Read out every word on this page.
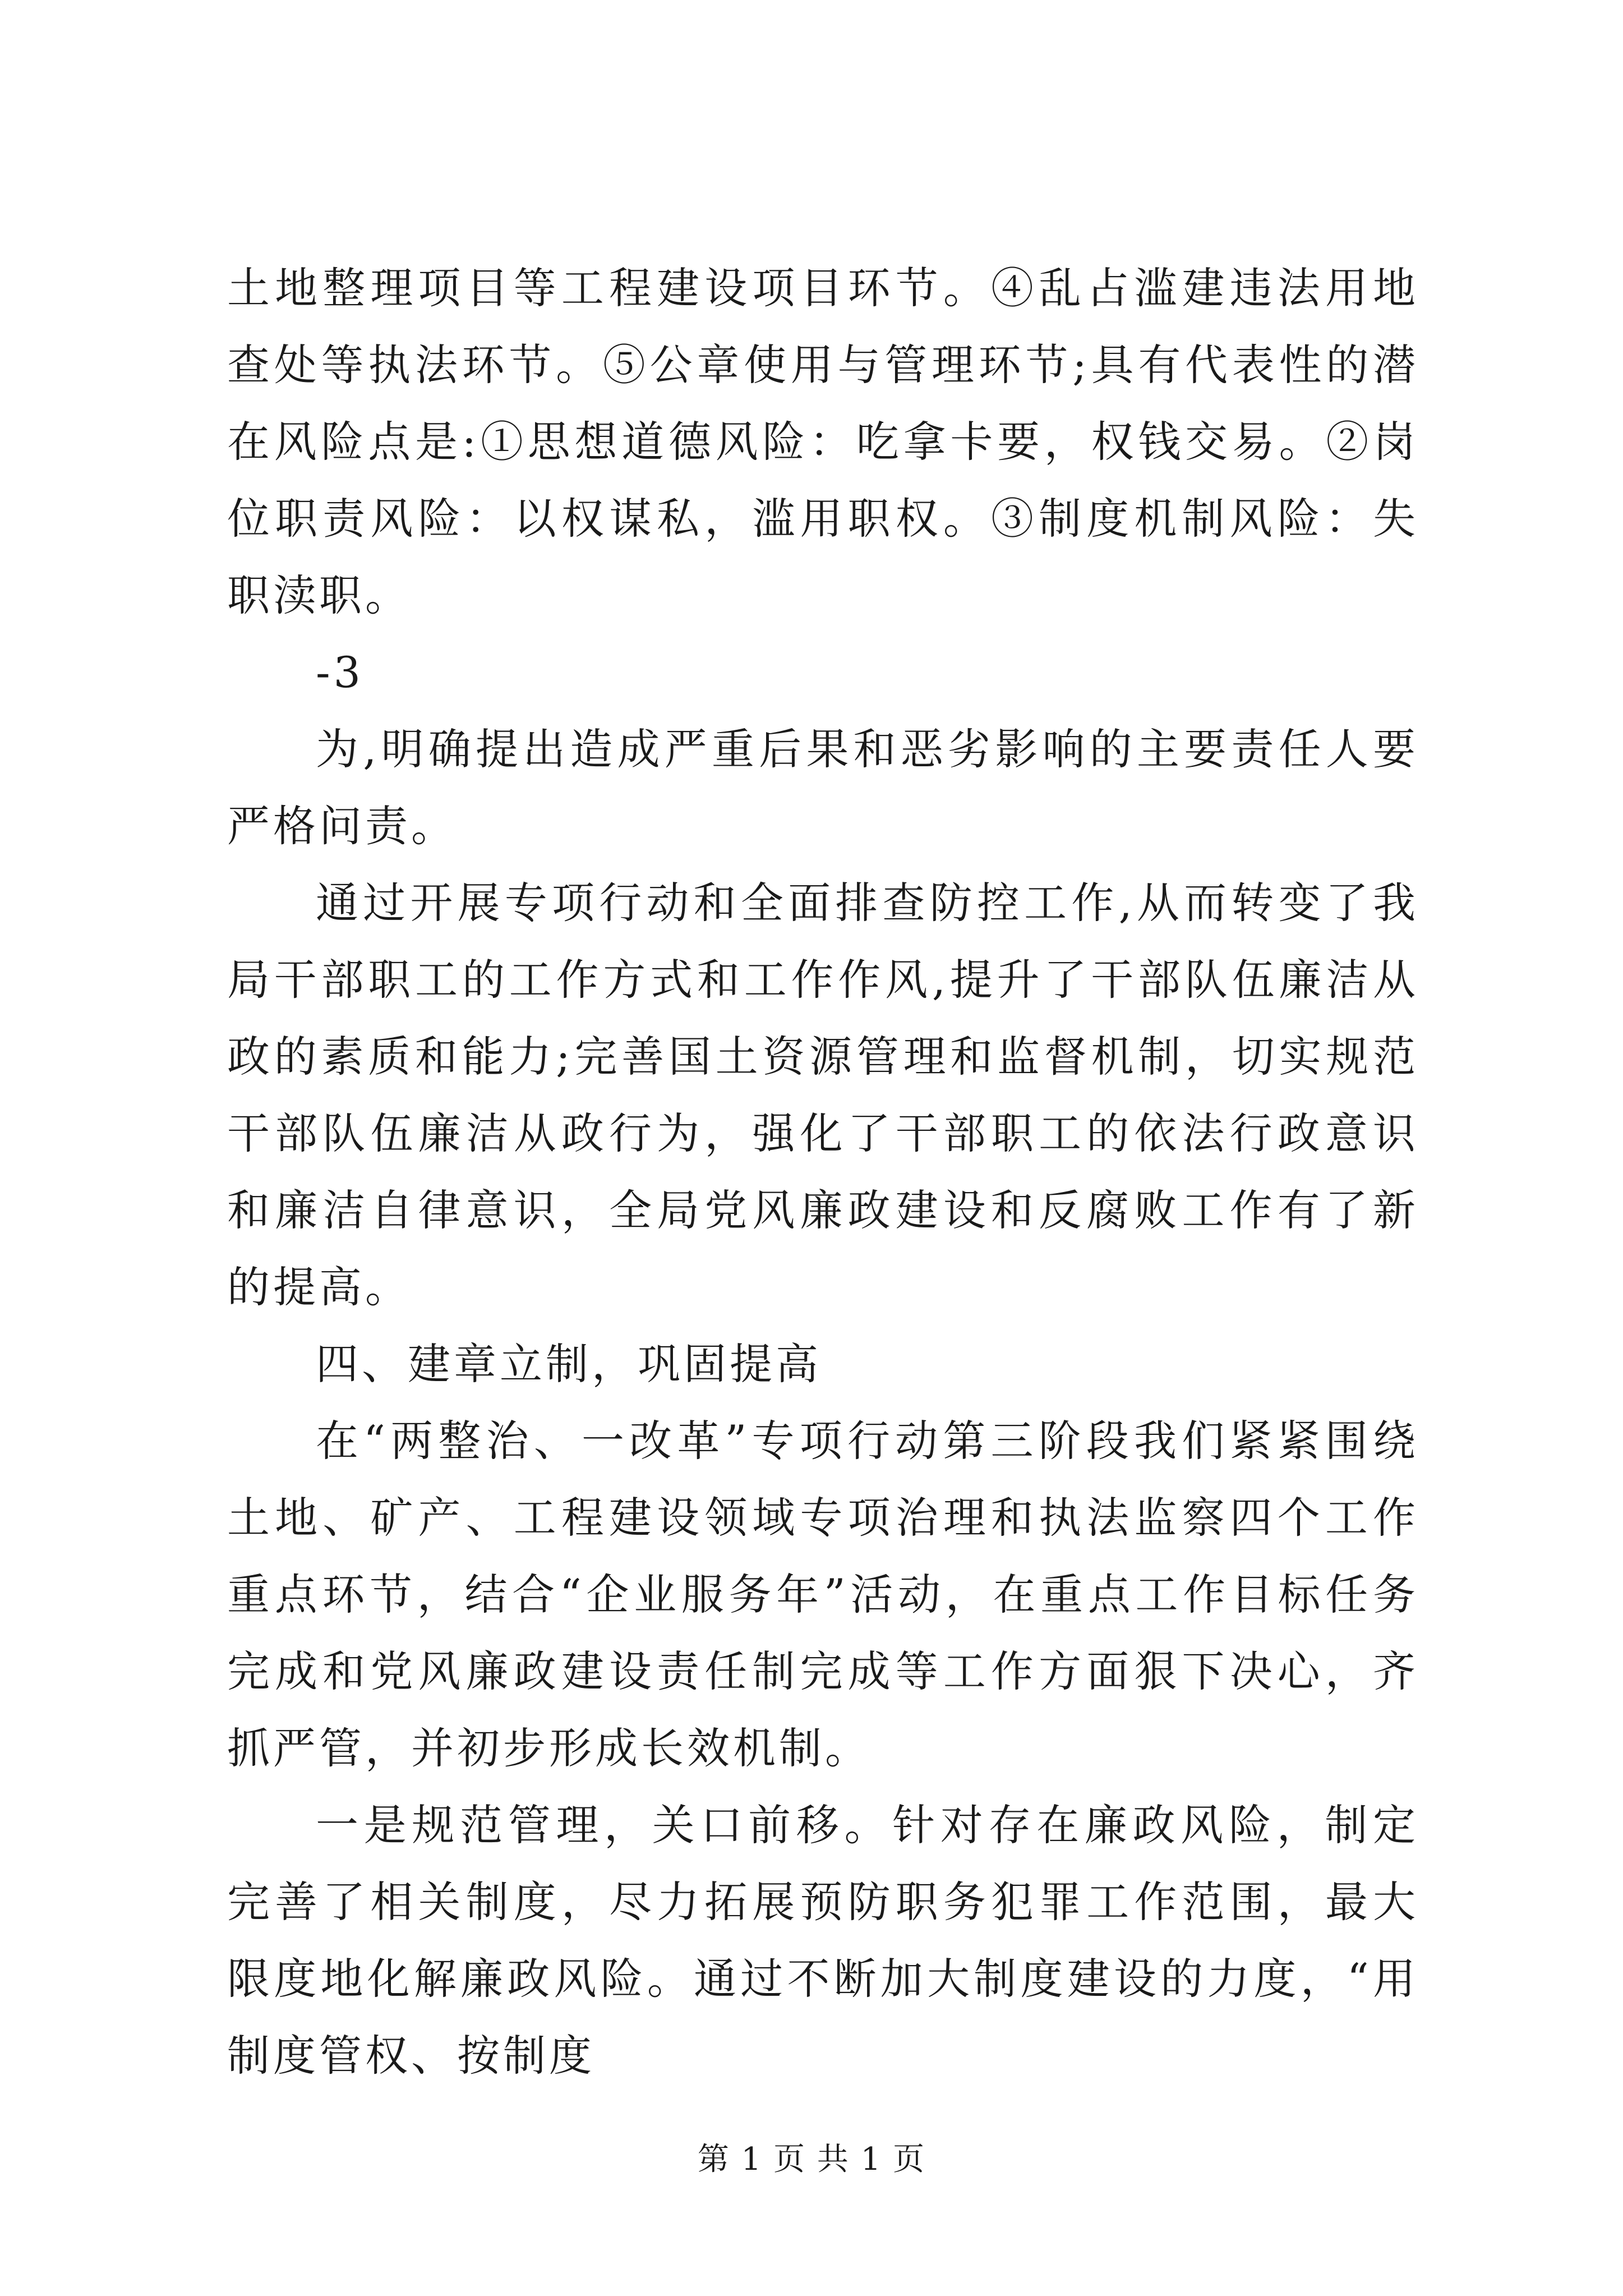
土地整理项目等工程建设项目环节。④乱占滥建违法用地查处等执法环节。⑤公章使用与管理环节;具有代表性的潜在风险点是:①思想道德风险：吃拿卡要，权钱交易。②岗位职责风险：以权谋私，滥用职权。③制度机制风险：失职渎职。

-3

为,明确提出造成严重后果和恶劣影响的主要责任人要严格问责。

通过开展专项行动和全面排查防控工作,从而转变了我局干部职工的工作方式和工作作风,提升了干部队伍廉洁从政的素质和能力;完善国土资源管理和监督机制，切实规范干部队伍廉洁从政行为，强化了干部职工的依法行政意识和廉洁自律意识，全局党风廉政建设和反腐败工作有了新的提高。

四、建章立制，巩固提高

在“两整治、一改革”专项行动第三阶段我们紧紧围绕土地、矿产、工程建设领域专项治理和执法监察四个工作重点环节，结合“企业服务年”活动，在重点工作目标任务完成和党风廉政建设责任制完成等工作方面狠下决心，齐抓严管，并初步形成长效机制。

一是规范管理，关口前移。针对存在廉政风险，制定完善了相关制度，尽力拓展预防职务犯罪工作范围，最大限度地化解廉政风险。通过不断加大制度建设的力度，“用制度管权、按制度

第 1 页 共 1 页
